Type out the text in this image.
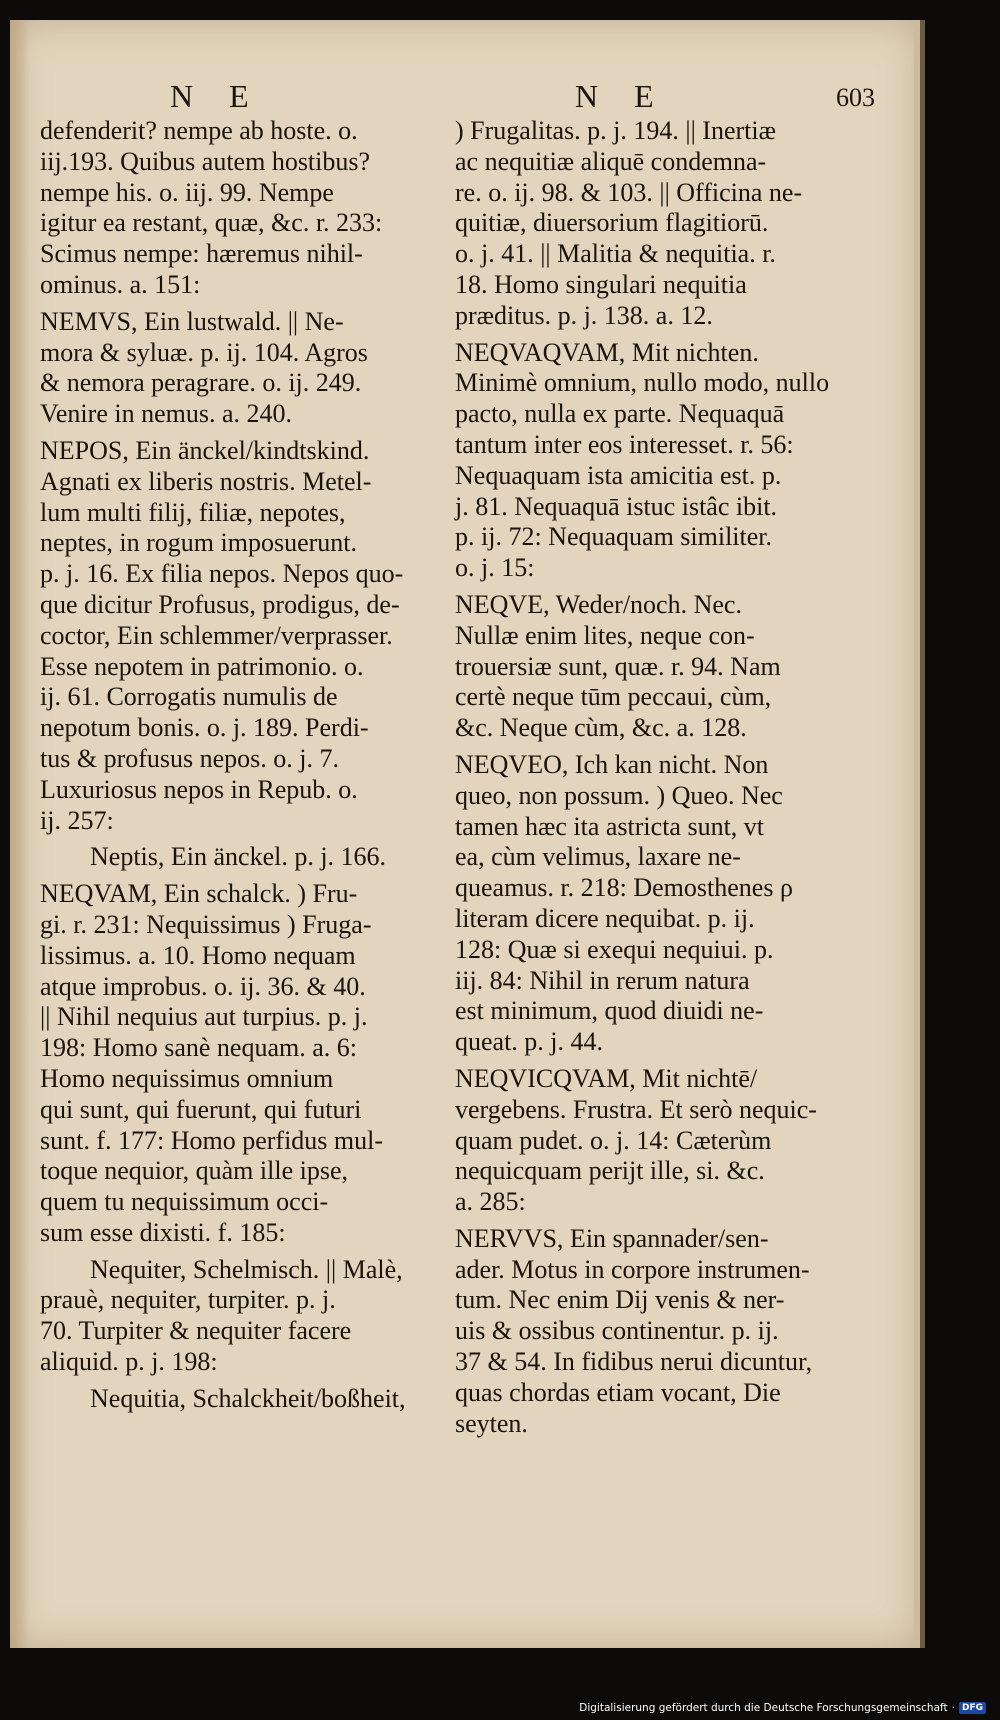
N E
defenderit? nempe ab hoste. o.
iij.193. Quibus autem hostibus?
nempe his. o. iij. 99. Nempe
igitur ea restant, quæ, &c. r. 233:
Scimus nempe: hæremus nihil-
ominus. a. 151:
NEMVS, Ein lustwald. || Ne-
mora & syluæ. p. ij. 104. Agros
& nemora peragrare. o. ij. 249.
Venire in nemus. a. 240.
NEPOS, Ein änckel/kindtskind.
Agnati ex liberis nostris. Metel-
lum multi filij, filiæ, nepotes,
neptes, in rogum imposuerunt.
p. j. 16. Ex filia nepos. Nepos quo-
que dicitur Profusus, prodigus, de-
coctor, Ein schlemmer/verprasser.
Esse nepotem in patrimonio. o.
ij. 61. Corrogatis numulis de
nepotum bonis. o. j. 189. Perdi-
tus & profusus nepos. o. j. 7.
Luxuriosus nepos in Repub. o.
ij. 257:
Neptis, Ein änckel. p. j. 166.
NEQVAM, Ein schalck. ) Fru-
gi. r. 231: Nequissimus ) Fruga-
lissimus. a. 10. Homo nequam
atque improbus. o. ij. 36. & 40.
|| Nihil nequius aut turpius. p. j.
198: Homo sanè nequam. a. 6:
Homo nequissimus omnium
qui sunt, qui fuerunt, qui futuri
sunt. f. 177: Homo perfidus mul-
toque nequior, quàm ille ipse,
quem tu nequissimum occi-
sum esse dixisti. f. 185:
Nequiter, Schelmisch. || Malè,
prauè, nequiter, turpiter. p. j.
70. Turpiter & nequiter facere
aliquid. p. j. 198:
Nequitia, Schalckheit/boßheit,
N E	603
) Frugalitas. p. j. 194. || Inertiæ
ac nequitiæ aliquē condemna-
re. o. ij. 98. & 103. || Officina ne-
quitiæ, diuersorium flagitiorū.
o. j. 41. || Malitia & nequitia. r.
18. Homo singulari nequitia
præditus. p. j. 138. a. 12.
NEQVAQVAM, Mit nichten.
Minimè omnium, nullo modo, nullo
pacto, nulla ex parte. Nequaquā
tantum inter eos interesset. r. 56:
Nequaquam ista amicitia est. p.
j. 81. Nequaquā istuc istâc ibit.
p. ij. 72: Nequaquam similiter.
o. j. 15:
NEQVE, Weder/noch. Nec.
Nullæ enim lites, neque con-
trouersiæ sunt, quæ. r. 94. Nam
certè neque tūm peccaui, cùm,
&c. Neque cùm, &c. a. 128.
NEQVEO, Ich kan nicht. Non
queo, non possum. ) Queo. Nec
tamen hæc ita astricta sunt, vt
ea, cùm velimus, laxare ne-
queamus. r. 218: Demosthenes ρ
literam dicere nequibat. p. ij.
128: Quæ si exequi nequiui. p.
iij. 84: Nihil in rerum natura
est minimum, quod diuidi ne-
queat. p. j. 44.
NEQVICQVAM, Mit nichtē/
vergebens. Frustra. Et serò nequic-
quam pudet. o. j. 14: Cæterùm
nequicquam perijt ille, si. &c.
a. 285:
NERVVS, Ein spannader/sen-
ader. Motus in corpore instrumen-
tum. Nec enim Dij venis & ner-
uis & ossibus continentur. p. ij.
37 & 54. In fidibus nerui dicuntur,
quas chordas etiam vocant, Die
seyten.
Digitalisierung gefördert durch die Deutsche Forschungsgemeinschaft · DFG
